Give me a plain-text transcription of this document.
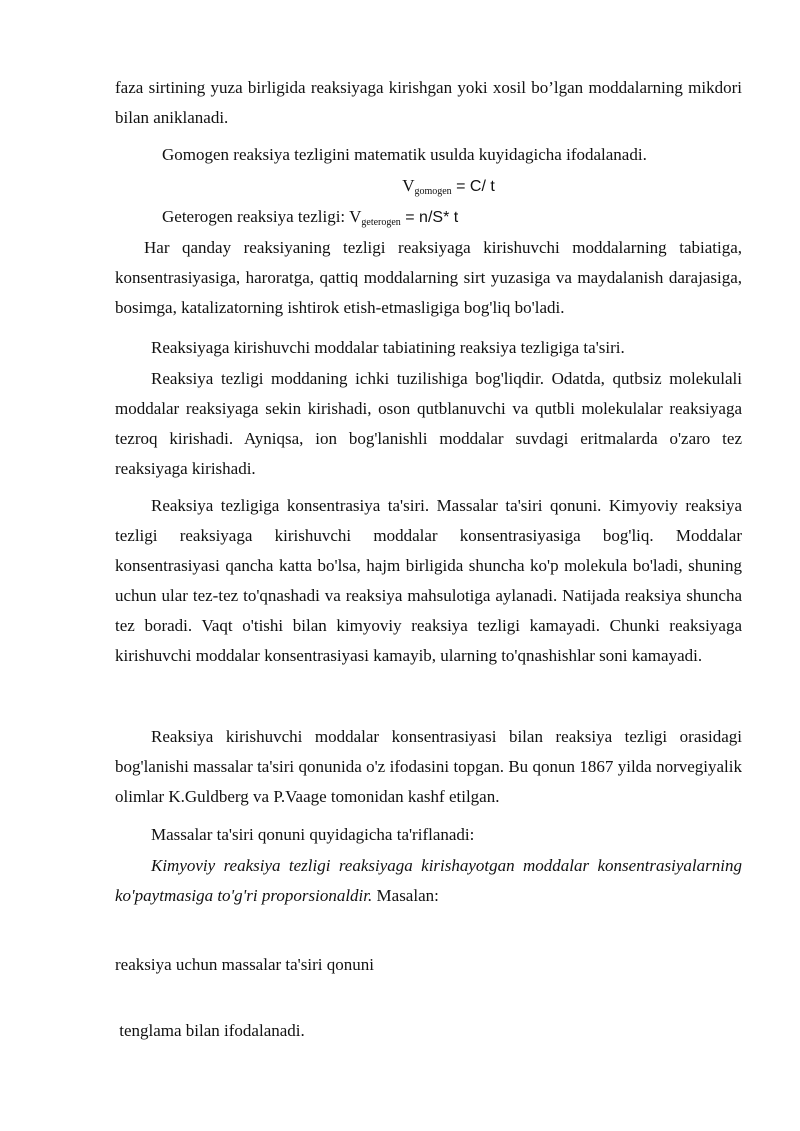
faza sirtining yuza birligida reaksiyaga kirishgan yoki xosil bo’lgan moddalarning mikdori bilan aniklanadi.

Gomogen reaksiya tezligini matematik usulda kuyidagicha ifodalanadi.

$V_{gomogen} = C/$ t

Geterogen reaksiya tezligi: $V_{geterogen} = n/S*$ t

Har qanday reaksiyaning tezligi reaksiyaga kirishuvchi moddalarning tabiatiga, konsentrasiyasiga, haroratga, qattiq moddalarning sirt yuzasiga va maydalanish darajasiga, bosimga, katalizatorning ishtirok etish-etmasligiga bog'liq bo'ladi.

Reaksiyaga kirishuvchi moddalar tabiatining reaksiya tezligiga ta'siri.

Reaksiya tezligi moddaning ichki tuzilishiga bog'liqdir. Odatda, qutbsiz molekulali moddalar reaksiyaga sekin kirishadi, oson qutblanuvchi va qutbli molekulalar reaksiyaga tezroq kirishadi. Ayniqsa, ion bog'lanishli moddalar suvdagi eritmalarda o'zaro tez reaksiyaga kirishadi.

Reaksiya tezligiga konsentrasiya ta'siri. Massalar ta'siri qonuni. Kimyoviy reaksiya tezligi reaksiyaga kirishuvchi moddalar konsentrasiyasiga bog'liq. Moddalar konsentrasiyasi qancha katta bo'lsa, hajm birligida shuncha ko'p molekula bo'ladi, shuning uchun ular tez-tez to'qnashadi va reaksiya mahsulotiga aylanadi. Natijada reaksiya shuncha tez boradi. Vaqt o'tishi bilan kimyoviy reaksiya tezligi kamayadi. Chunki reaksiyaga kirishuvchi moddalar konsentrasiyasi kamayib, ularning to'qnashishlar soni kamayadi.

Reaksiya kirishuvchi moddalar konsentrasiyasi bilan reaksiya tezligi orasidagi bog'lanishi massalar ta'siri qonunida o'z ifodasini topgan. Bu qonun 1867 yilda norvegiyalik olimlar K.Guldberg va P.Vaage tomonidan kashf etilgan.

Massalar ta'siri qonuni quyidagicha ta'riflanadi:

Kimyoviy reaksiya tezligi reaksiyaga kirishayotgan moddalar konsentrasiyalarning ko'paytmasiga to'g'ri proporsionaldir. Masalan:

reaksiya uchun massalar ta'siri qonuni

tenglama bilan ifodalanadi.
